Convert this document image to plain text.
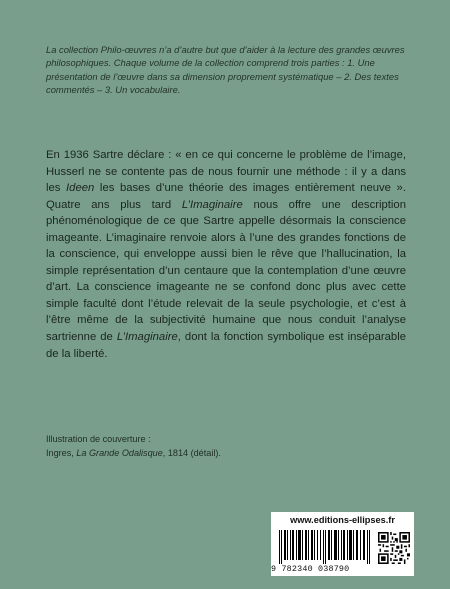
La collection Philo-œuvres n’a d’autre but que d’aider à la lecture des grandes œuvres philosophiques. Chaque volume de la collection comprend trois parties : 1. Une présentation de l’œuvre dans sa dimension proprement systématique – 2. Des textes commentés – 3. Un vocabulaire.
En 1936 Sartre déclare : « en ce qui concerne le problème de l’image, Husserl ne se contente pas de nous fournir une méthode : il y a dans les Ideen les bases d’une théorie des images entièrement neuve ». Quatre ans plus tard L’Imaginaire nous offre une description phénoménologique de ce que Sartre appelle désormais la conscience imageante. L’imaginaire renvoie alors à l’une des grandes fonctions de la conscience, qui enveloppe aussi bien le rêve que l’hallucination, la simple représentation d’un centaure que la contemplation d’une œuvre d’art. La conscience imageante ne se confond donc plus avec cette simple faculté dont l’étude relevait de la seule psychologie, et c’est à l’être même de la subjectivité humaine que nous conduit l’analyse sartrienne de L’Imaginaire, dont la fonction symbolique est inséparable de la liberté.
Illustration de couverture :
Ingres, La Grande Odalisque, 1814 (détail).
www.editions-ellipses.fr
9 782340 038790
